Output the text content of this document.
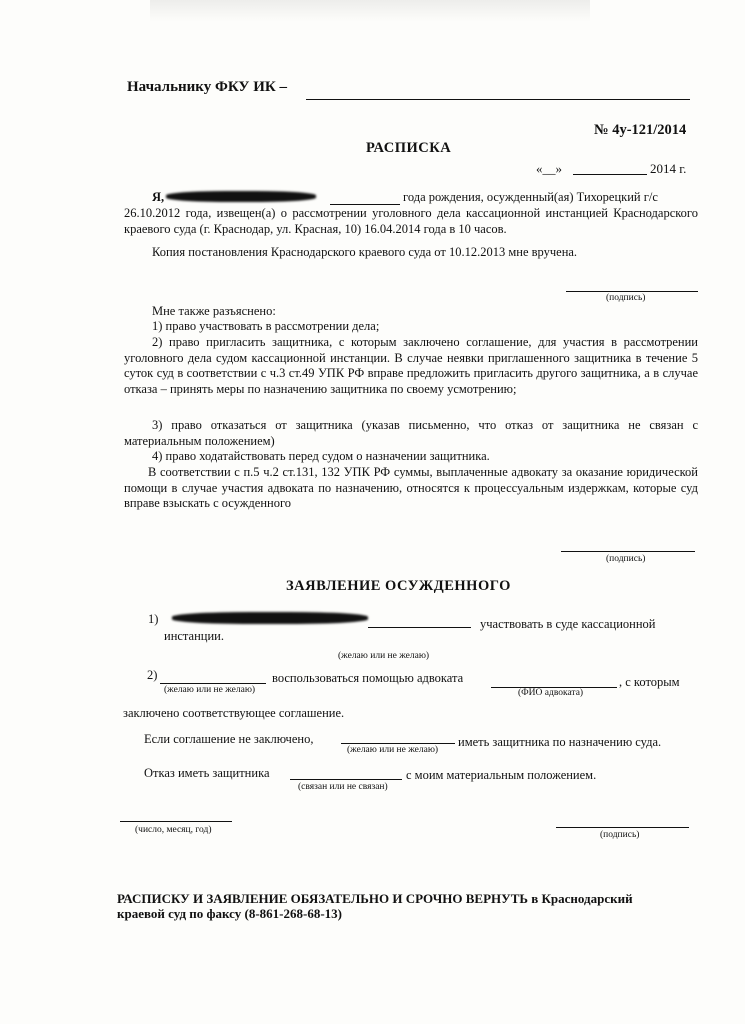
Начальнику ФКУ ИК –
№ 4у-121/2014
РАСПИСКА
«__»	2014 г.
Я,	года рождения, осужденный(ая) Тихорецкий г/с
26.10.2012 года, извещен(а) о рассмотрении уголовного дела кассационной инстанцией Краснодарского краевого суда (г. Краснодар, ул. Красная, 10) 16.04.2014 года в 10 часов.
Копия постановления Краснодарского краевого суда от 10.12.2013 мне вручена.
(подпись)
Мне также разъяснено:
1) право участвовать в рассмотрении дела;
2) право пригласить защитника, с которым заключено соглашение, для участия в рассмотрении уголовного дела судом кассационной инстанции. В случае неявки приглашенного защитника в течение 5 суток суд в соответствии с ч.3 ст.49 УПК РФ вправе предложить пригласить другого защитника, а в случае отказа – принять меры по назначению защитника по своему усмотрению;
3) право отказаться от защитника (указав письменно, что отказ от защитника не связан с материальным положением)
4) право ходатайствовать перед судом о назначении защитника.
В соответствии с п.5 ч.2 ст.131, 132 УПК РФ суммы, выплаченные адвокату за оказание юридической помощи в случае участия адвоката по назначению, относятся к процессуальным издержкам, которые суд вправе взыскать с осужденного
(подпись)
ЗАЯВЛЕНИЕ ОСУЖДЕННОГО
1)	участвовать в суде кассационной
инстанции.
(желаю или не желаю)
2)	воспользоваться помощью адвоката	, с которым
(желаю или не желаю)	(ФИО адвоката)
заключено соответствующее соглашение.
Если соглашение не заключено,	иметь защитника по назначению суда.
(желаю или не желаю)
Отказ иметь защитника	с моим материальным положением.
(связан или не связан)
(число, месяц, год)	(подпись)
РАСПИСКУ И ЗАЯВЛЕНИЕ ОБЯЗАТЕЛЬНО И СРОЧНО ВЕРНУТЬ в Краснодарский
краевой суд по факсу (8-861-268-68-13)
